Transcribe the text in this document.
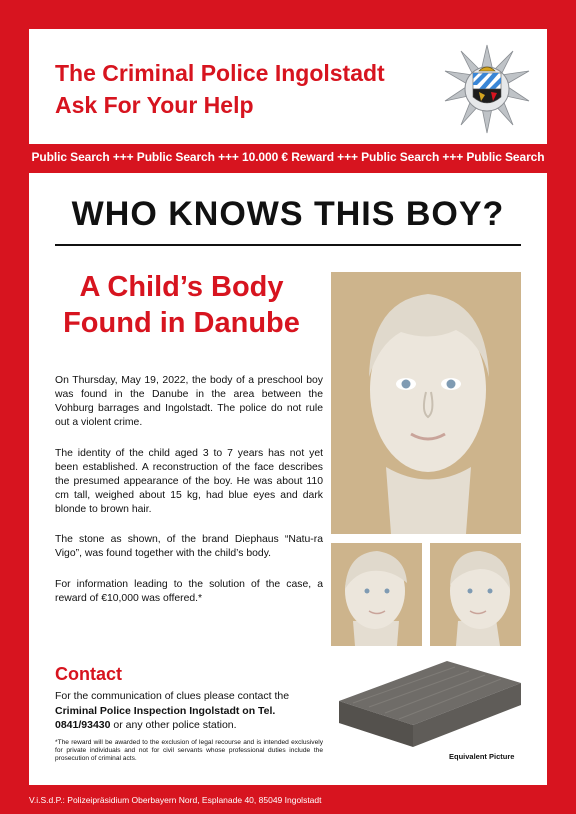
The Criminal Police Ingolstadt
Ask For Your Help
Public Search +++ Public Search +++ 10.000 € Reward +++ Public Search +++ Public Search
WHO KNOWS THIS BOY?
A Child’s Body
Found in Danube
On Thursday, May 19, 2022, the body of a preschool boy was found in the Danube in the area between the Vohburg barrages and Ingolstadt. The police do not rule out a violent crime.
The identity of the child aged 3 to 7 years has not yet been established. A reconstruction of the face describes the presumed appearance of the boy. He was about 110 cm tall, weighed about 15 kg, had blue eyes and dark blonde to brown hair.
The stone as shown, of the brand Diephaus “Natu-ra Vigo”, was found together with the child’s body.
For information leading to the solution of the case, a reward of €10,000 was offered.*
Contact
For the communication of clues please contact the Criminal Police Inspection Ingolstadt on Tel. 0841/93430 or any other police station.
*The reward will be awarded to the exclusion of legal recourse and is intended exclusively for private individuals and not for civil servants whose professional duties include the prosecution of criminal acts.	Equivalent Picture
V.i.S.d.P.: Polizeipräsidium Oberbayern Nord, Esplanade 40, 85049 Ingolstadt
